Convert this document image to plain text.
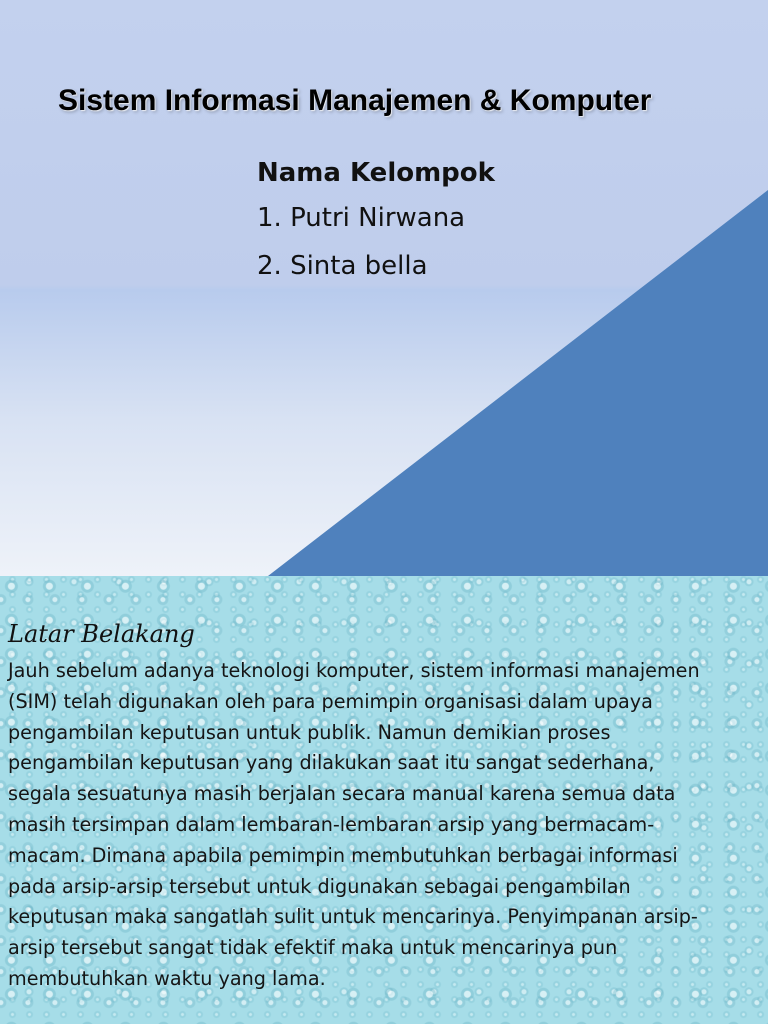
Sistem Informasi Manajemen & Komputer
Nama Kelompok
1. Putri Nirwana
2. Sinta bella
Latar Belakang

Jauh sebelum adanya teknologi komputer, sistem informasi manajemen
(SIM) telah digunakan oleh para pemimpin organisasi dalam upaya
pengambilan keputusan untuk publik. Namun demikian proses
pengambilan keputusan yang dilakukan saat itu sangat sederhana,
segala sesuatunya masih berjalan secara manual karena semua data
masih tersimpan dalam lembaran-lembaran arsip yang bermacam-
macam. Dimana apabila pemimpin membutuhkan berbagai informasi
pada arsip-arsip tersebut untuk digunakan sebagai pengambilan
keputusan maka sangatlah sulit untuk mencarinya. Penyimpanan arsip-
arsip tersebut sangat tidak efektif maka untuk mencarinya pun
membutuhkan waktu yang lama.
